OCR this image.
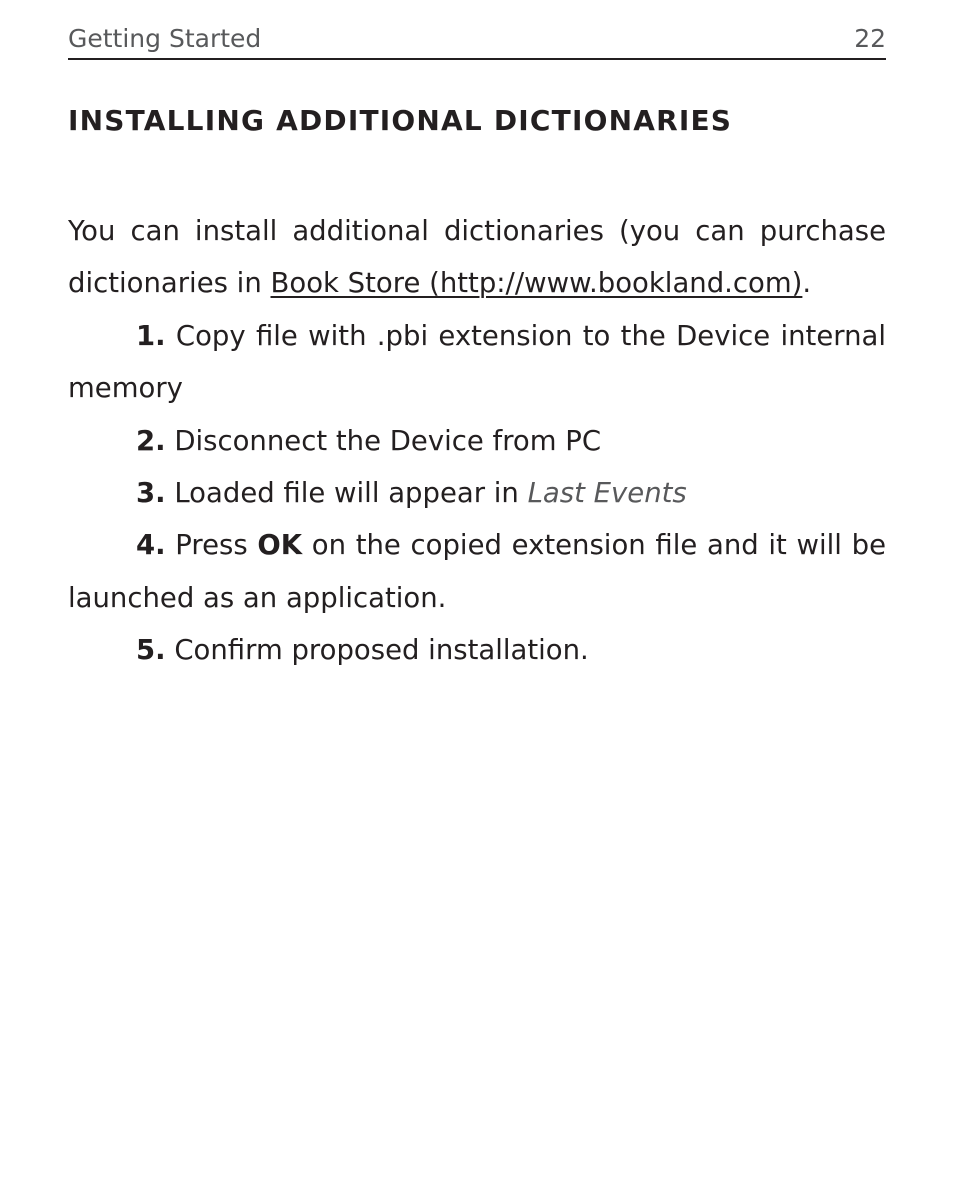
Getting Started	22
INSTALLING ADDITIONAL DICTIONARIES

You can install additional dictionaries (you can purchase dictionaries in Book Store (http://www.bookland.com).

1. Copy file with .pbi extension to the Device internal memory

2. Disconnect the Device from PC

3. Loaded file will appear in Last Events

4. Press OK on the copied extension file and it will be launched as an application.

5. Confirm proposed installation.
